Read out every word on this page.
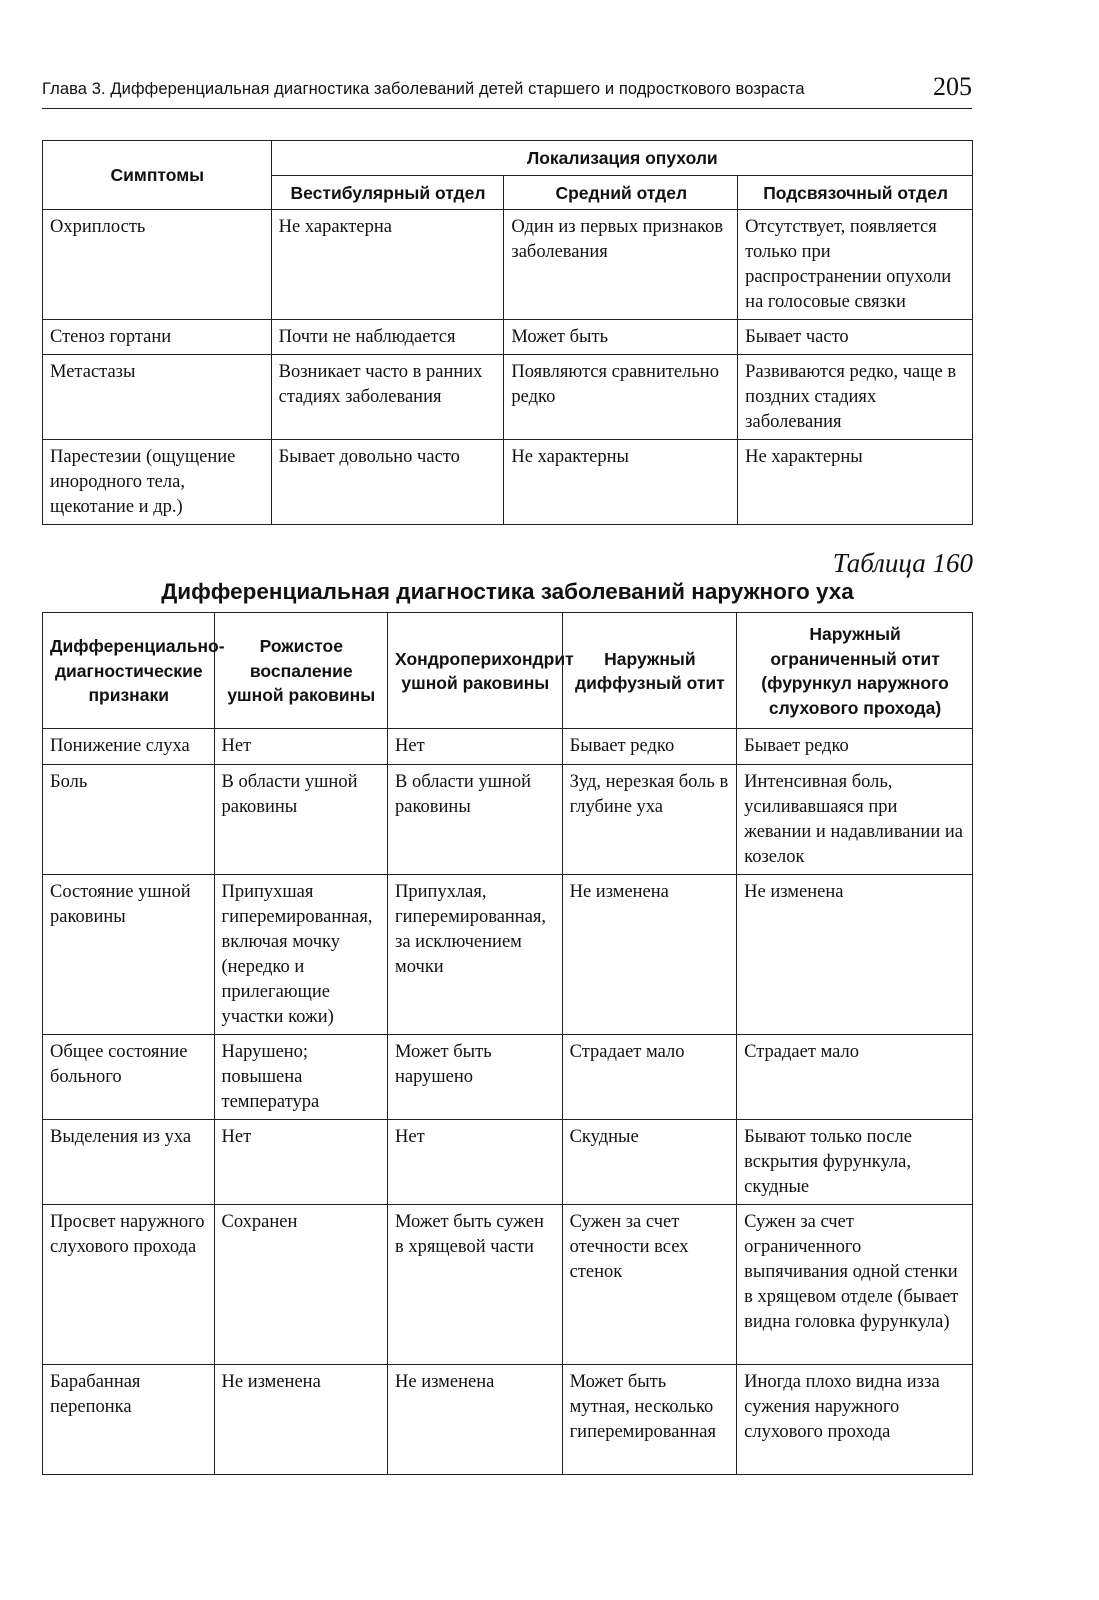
Глава 3. Дифференциальная диагностика заболеваний детей старшего и подросткового возраста	205
Симптомы	Локализация опухоли		
	Вестибулярный отдел	Средний отдел	Подсвязочный отдел
Охриплость	Не характерна	Один из первых признаков заболевания	Отсутствует, появляется только при распространении опухоли на голосовые связки
Стеноз гортани	Почти не наблюдается	Может быть	Бывает часто
Метастазы	Возникает часто в ранних стадиях заболевания	Появляются сравнительно редко	Развиваются редко, чаще в поздних стадиях заболевания
Парестезии (ощущение инородного тела, щекотание и др.)	Бывает довольно часто	Не характерны	Не характерны
Таблица 160
Дифференциальная диагностика заболеваний наружного уха
Дифференциально-диагностические признаки	Рожистое воспаление ушной раковины	Хондроперихондрит ушной раковины	Наружный диффузный отит	Наружный ограниченный отит (фурункул наружного слухового прохода)
Понижение слуха	Нет	Нет	Бывает редко	Бывает редко
Боль	В области ушной раковины	В области ушной раковины	Зуд, нерезкая боль в глубине уха	Интенсивная боль, усиливавшаяся при жевании и надавливании иа козелок
Состояние ушной раковины	Припухшая гиперемированная, включая мочку (нередко и прилегающие участки кожи)	Припухлая, гиперемированная, за исключением мочки	Не изменена	Не изменена
Общее состояние больного	Нарушено; повышена температура	Может быть нарушено	Страдает мало	Страдает мало
Выделения из уха	Нет	Нет	Скудные	Бывают только после вскрытия фурункула, скудные
Просвет наружного слухового прохода	Сохранен	Может быть сужен в хрящевой части	Сужен за счет отечности всех стенок	Сужен за счет ограниченного выпячивания одной стенки в хрящевом отделе (бывает видна головка фурункула)
Барабанная перепонка	Не изменена	Не изменена	Может быть мутная, несколько гиперемированная	Иногда плохо видна изза сужения наружного слухового прохода
